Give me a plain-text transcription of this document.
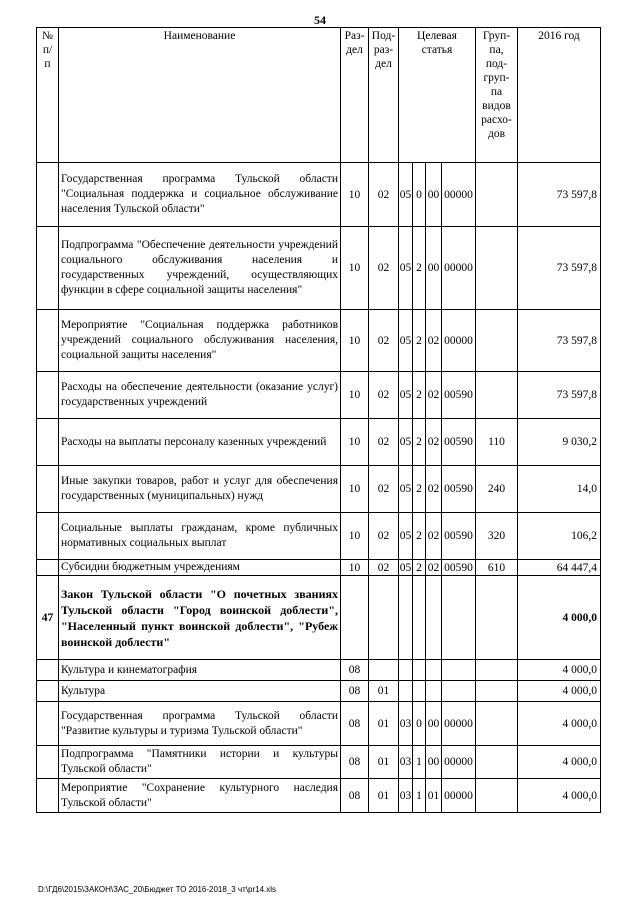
54
№ п/ п	Наименование	Раз-дел	Под-раз-дел	Целевая статья				Груп-па, под-груп-па видов расхо-дов	2016 год
	Государственная программа Тульской области "Социальная поддержка и социальное обслуживание населения Тульской области"	10	02	05	0	00	00000		73 597,8
	Подпрограмма "Обеспечение деятельности учреждений социального обслуживания населения и государственных учреждений, осуществляющих функции в сфере социальной защиты населения"	10	02	05	2	00	00000		73 597,8
	Мероприятие "Социальная поддержка работников учреждений социального обслуживания населения, социальной защиты населения"	10	02	05	2	02	00000		73 597,8
	Расходы на обеспечение деятельности (оказание услуг) государственных учреждений	10	02	05	2	02	00590		73 597,8
	Расходы на выплаты персоналу казенных учреждений	10	02	05	2	02	00590	110	9 030,2
	Иные закупки товаров, работ и услуг для обеспечения государственных (муниципальных) нужд	10	02	05	2	02	00590	240	14,0
	Социальные выплаты гражданам, кроме публичных нормативных социальных выплат	10	02	05	2	02	00590	320	106,2
	Субсидии бюджетным учреждениям	10	02	05	2	02	00590	610	64 447,4
47	Закон Тульской области "О почетных званиях Тульской области "Город воинской доблести", "Населенный пункт воинской доблести", "Рубеж воинской доблести"								4 000,0
	Культура и кинематография	08							4 000,0
	Культура	08	01						4 000,0
	Государственная программа Тульской области "Развитие культуры и туризма Тульской области"	08	01	03	0	00	00000		4 000,0
	Подпрограмма "Памятники истории и культуры Тульской области"	08	01	03	1	00	00000		4 000,0
	Мероприятие "Сохранение культурного наследия Тульской области"	08	01	03	1	01	00000		4 000,0
D:\ГД6\2015\ЗАКОН\ЗАС_20\Бюджет ТО 2016-2018_3 чт\pr14.xls
